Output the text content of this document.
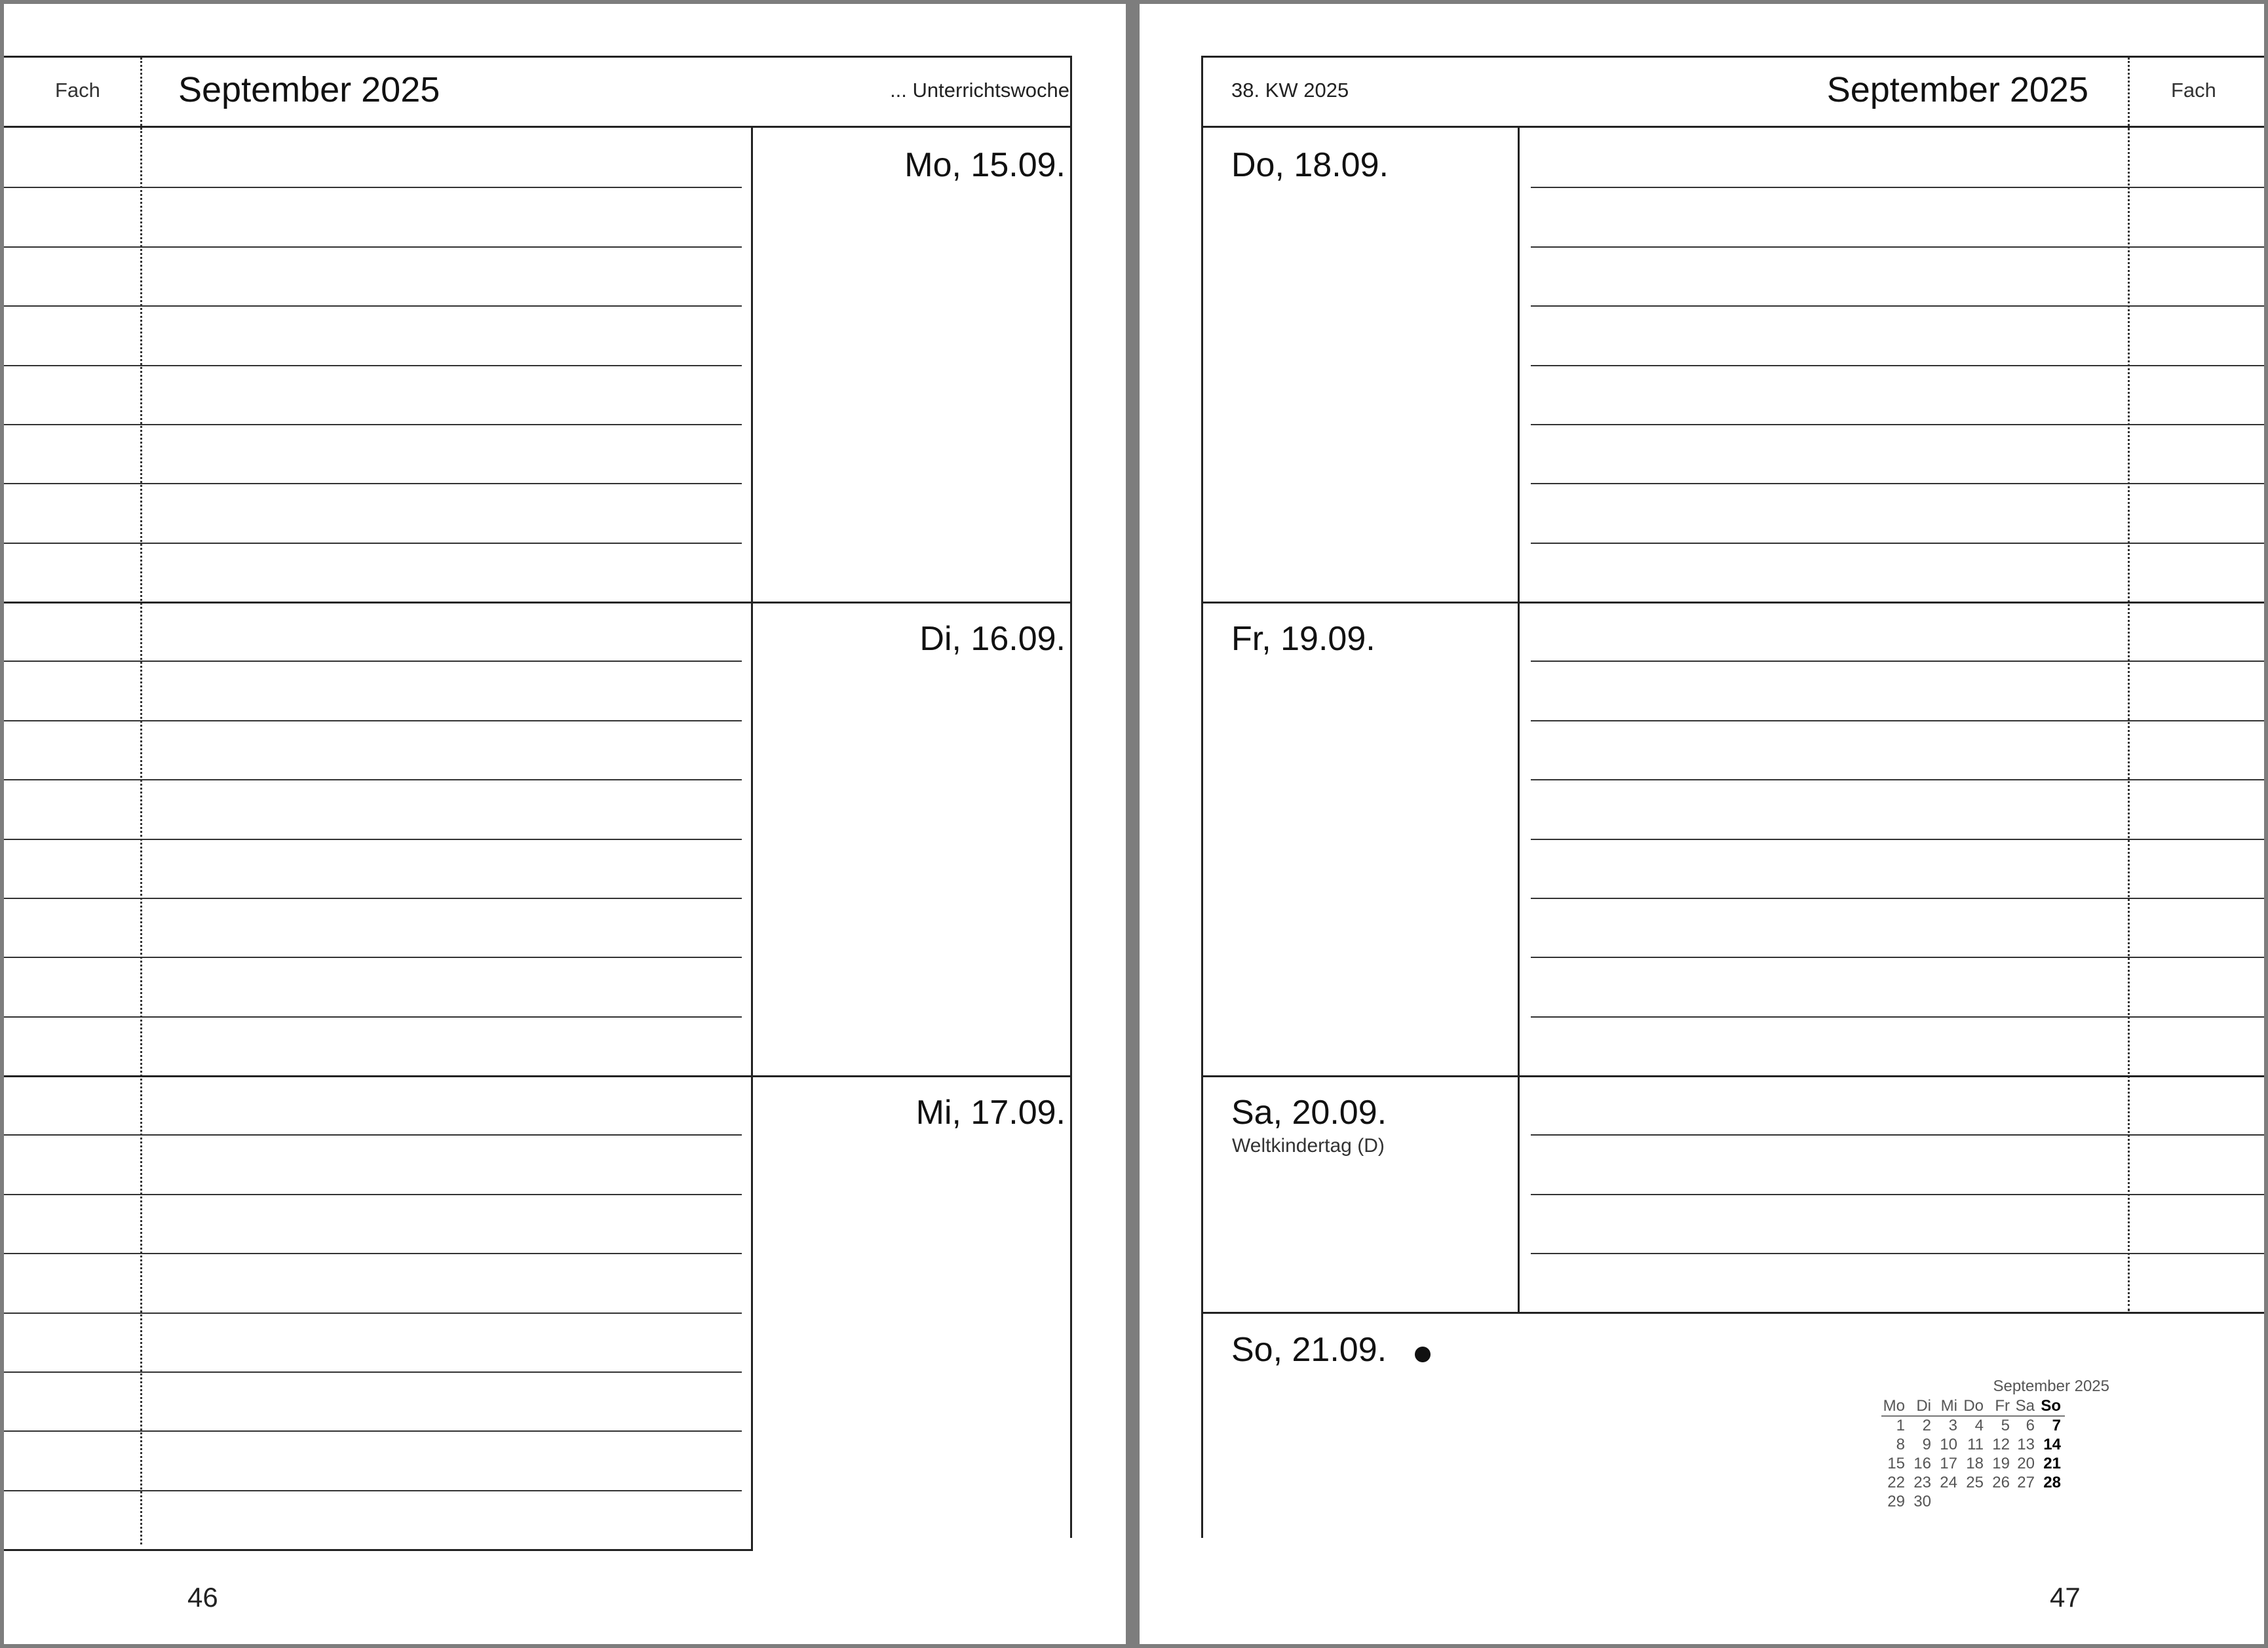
Fach September 2025	... Unterrichtswoche
Mo, 15.09.
Di, 16.09.
Mi, 17.09.
46
38. KW 2025	September 2025	Fach
Do, 18.09.
Fr, 19.09.
Sa, 20.09.
Weltkindertag (D)
So, 21.09.
September 2025
Mo Di Mi Do Fr Sa So
1	2	3	4	5	6	7
8	9 10 11 12 13 14
15 16 17 18 19 20 21
22 23 24 25 26 27 28
29 30
47
